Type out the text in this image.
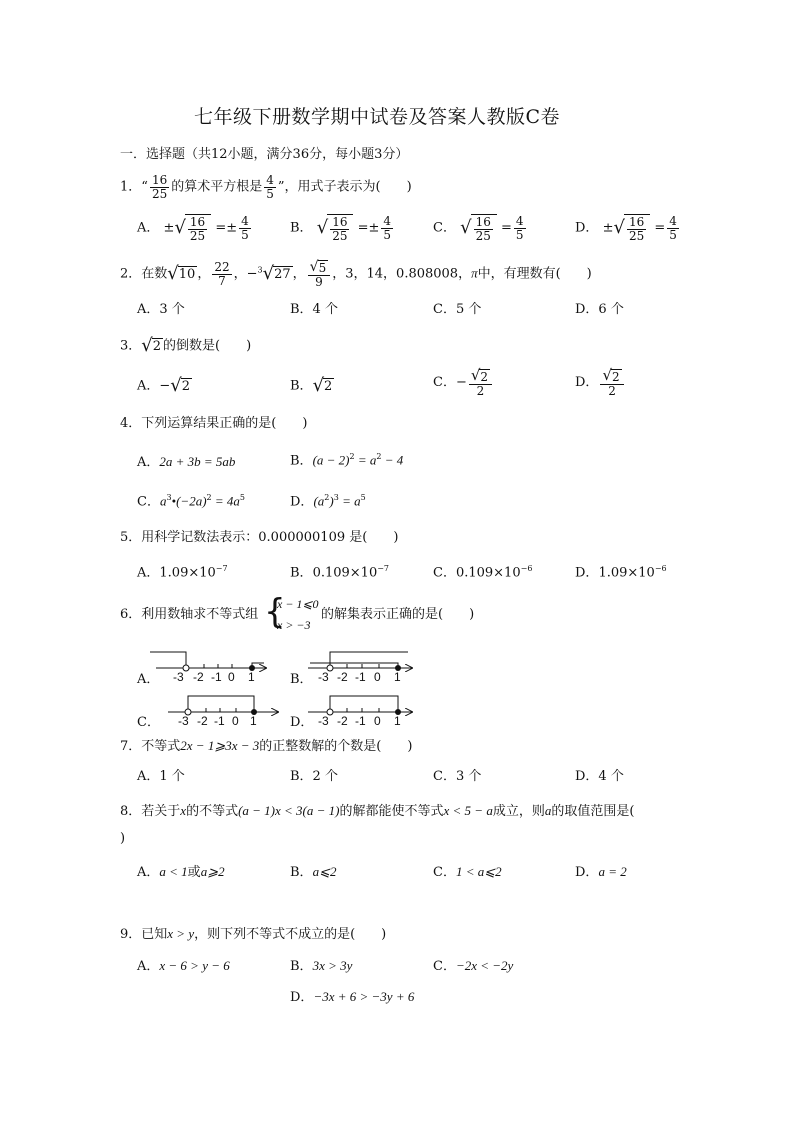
七年级下册数学期中试卷及答案人教版C卷
一．选择题（共12小题，满分36分，每小题3分）
1．“ $\frac{16}{25}$ 的算术平方根是 $\frac{4}{5}$ ”，用式子表示为(　　)
A． ±√ $\frac{16}{25} =\pm \frac{4}{5}$	B． √ $\frac{16}{25} =\pm \frac{4}{5}$	C． √ $\frac{16}{25} = \frac{4}{5}$	D． ±√ $\frac{16}{25} = \frac{4}{5}$
2．在数√10 ， $\frac{22}{7}$ ，−$^3$√27 ， $\frac{√5}{9}$ ，3，14，0.808008，π中，有理数有(　　)
A．3 个	B．4 个	C．5 个	D．6 个
3．√2 的倒数是(　　)
A．−√2	B．√2	C．− $\frac{√2}{2}$	D． $\frac{√2}{2}$
4．下列运算结果正确的是(　　)
A．2a + 3b = 5ab	B．$(a - 2)^2 = a^2 - 4$
C．$a^3•(-2a)^2 = 4a^5$	D．$(a^2)^3 = a^5$
5．用科学记数法表示：0.000000109 是(　　)
A．$1.09\times 10^{-7}$	B．$0.109\times 10^{-7}$	C．$0.109\times 10^{-6}$	D．$1.09\times 10^{-6}$
6．利用数轴求不等式组 {
x − 1⩽0
x > −3
的解集表示正确的是(　　)
A．	B．
C．	D．
-3 -2 -1 0 1	-3 -2 -1 0 1
-3 -2 -1 0 1	-3 -2 -1 0 1
7．不等式2x − 1⩾3x − 3的正整数解的个数是(　　)
A．1 个	B．2 个	C．3 个	D．4 个
8．若关于x的不等式(a − 1)x < 3(a − 1)的解都能使不等式x < 5 − a成立，则a的取值范围是(
)
A．a < 1或a⩾2	B．a⩽2	C．1 < a⩽2	D．a = 2
9．已知x > y，则下列不等式不成立的是(　　)
A．x − 6 > y − 6	B．3x > 3y	C．−2x < −2y
D．−3x + 6 > −3y + 6
